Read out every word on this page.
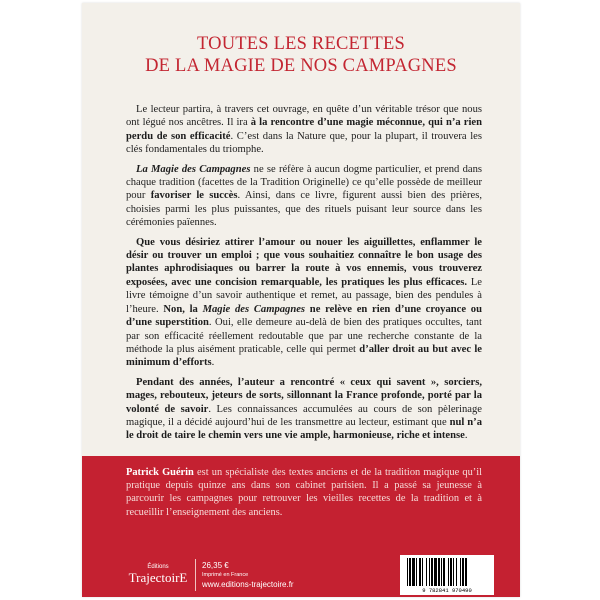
TOUTES LES RECETTES
DE LA MAGIE DE NOS CAMPAGNES

Le lecteur partira, à travers cet ouvrage, en quête d’un véritable trésor que nous ont légué nos ancêtres. Il ira à la rencontre d’une magie méconnue, qui n’a rien perdu de son efficacité. C’est dans la Nature que, pour la plupart, il trouvera les clés fondamentales du triomphe.

La Magie des Campagnes ne se réfère à aucun dogme particulier, et prend dans chaque tradition (facettes de la Tradition Originelle) ce qu’elle possède de meilleur pour favoriser le succès. Ainsi, dans ce livre, figurent aussi bien des prières, choisies parmi les plus puissantes, que des rituels puisant leur source dans les cérémonies païennes.

Que vous désiriez attirer l’amour ou nouer les aiguillettes, enflammer le désir ou trouver un emploi ; que vous souhaitiez connaître le bon usage des plantes aphrodisiaques ou barrer la route à vos ennemis, vous trouverez exposées, avec une concision remarquable, les pratiques les plus efficaces. Le livre témoigne d’un savoir authentique et remet, au passage, bien des pendules à l’heure. Non, la Magie des Campagnes ne relève en rien d’une croyance ou d’une superstition. Oui, elle demeure au-delà de bien des pratiques occultes, tant par son efficacité réellement redoutable que par une recherche constante de la méthode la plus aisément praticable, celle qui permet d’aller droit au but avec le minimum d’efforts.

Pendant des années, l’auteur a rencontré « ceux qui savent », sorciers, mages, rebouteux, jeteurs de sorts, sillonnant la France profonde, porté par la volonté de savoir. Les connaissances accumulées au cours de son pèlerinage magique, il a décidé aujourd’hui de les transmettre au lecteur, estimant que nul n’a le droit de taire le chemin vers une vie ample, harmonieuse, riche et intense.

Patrick Guérin est un spécialiste des textes anciens et de la tradition magique qu’il pratique depuis quinze ans dans son cabinet parisien. Il a passé sa jeunesse à parcourir les campagnes pour retrouver les vieilles recettes de la tradition et à recueillir l’enseignement des anciens.
Éditions
TrajectoirE
26,35 €
Imprimé en France
www.editions-trajectoire.fr
9 782841 970490
